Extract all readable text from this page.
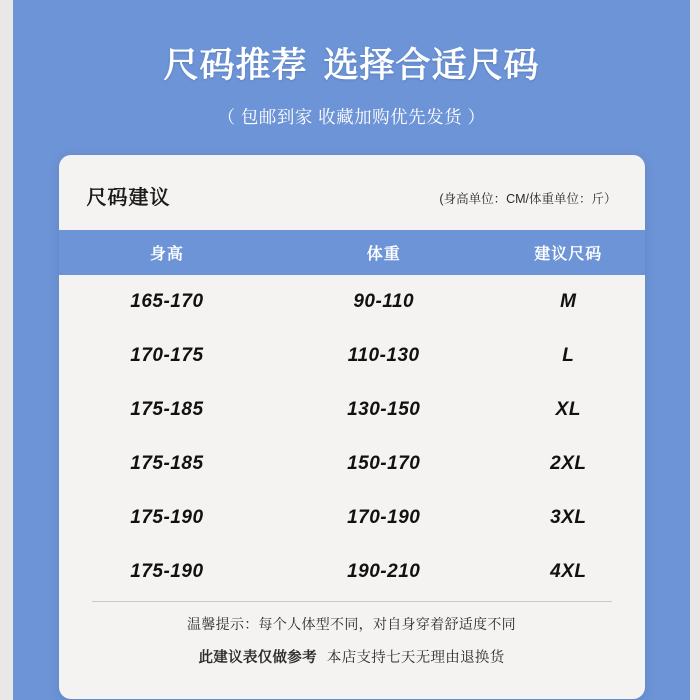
尺码推荐 选择合适尺码
（ 包邮到家 收藏加购优先发货 ）
尺码建议	(身高单位：CM/体重单位：斤）
身高	体重	建议尺码
165-170	90-110	M
170-175	110-130	L
175-185	130-150	XL
175-185	150-170	2XL
175-190	170-190	3XL
175-190	190-210	4XL
温馨提示：每个人体型不同，对自身穿着舒适度不同
此建议表仅做参考 本店支持七天无理由退换货
